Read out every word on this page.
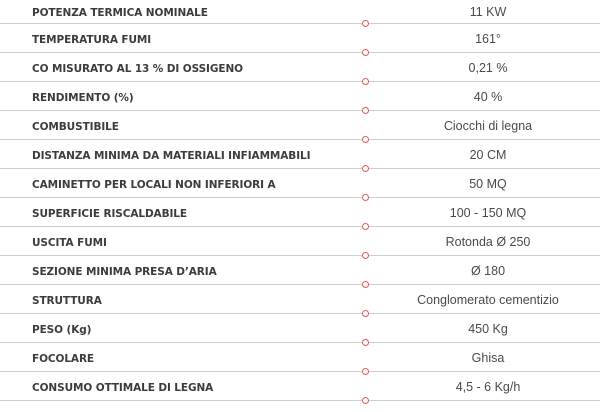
POTENZA TERMICA NOMINALE	11 KW
TEMPERATURA FUMI	161°
CO MISURATO AL 13 % DI OSSIGENO	0,21 %
RENDIMENTO (%)	40 %
COMBUSTIBILE	Ciocchi di legna
DISTANZA MINIMA DA MATERIALI INFIAMMABILI	20 CM
CAMINETTO PER LOCALI NON INFERIORI A	50 MQ
SUPERFICIE RISCALDABILE	100 - 150 MQ
USCITA FUMI	Rotonda Ø 250
SEZIONE MINIMA PRESA D’ARIA	Ø 180
STRUTTURA	Conglomerato cementizio
PESO (Kg)	450 Kg
FOCOLARE	Ghisa
CONSUMO OTTIMALE DI LEGNA	4,5 - 6 Kg/h
